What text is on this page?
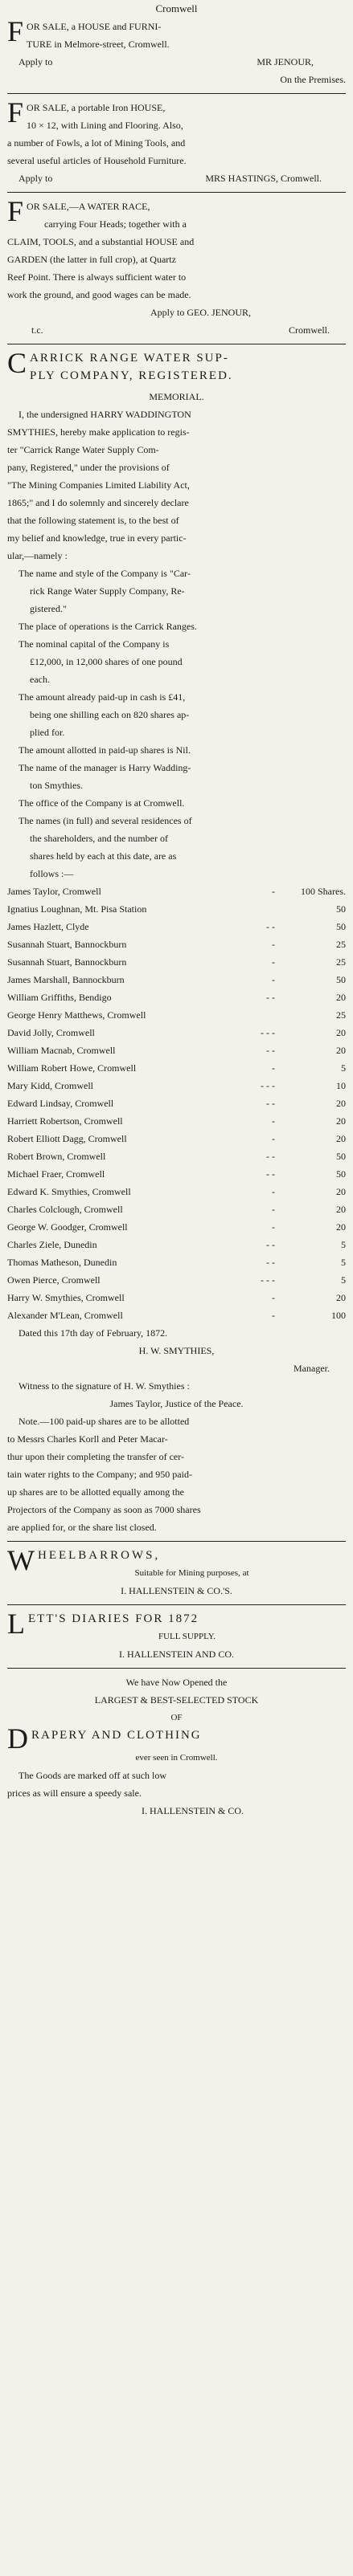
Cromwell
F OR SALE, a HOUSE and FURNI-
TURE in Melmore-street, Cromwell.
Apply to	MR JENOUR,
On the Premises.
F OR SALE, a portable Iron HOUSE,
10 × 12, with Lining and Flooring. Also,
a number of Fowls, a lot of Mining Tools, and
several useful articles of Household Furniture.
Apply to	MRS HASTINGS, Cromwell.
F OR SALE,—A WATER RACE,
carrying Four Heads; together with a
CLAIM, TOOLS, and a substantial HOUSE and
GARDEN (the latter in full crop), at Quartz
Reef Point. There is always sufficient water to
work the ground, and good wages can be made.
Apply to GEO. JENOUR,
t.c.	Cromwell.
C ARRICK RANGE WATER SUP-
PLY COMPANY, REGISTERED.
MEMORIAL.
I, the undersigned HARRY WADDINGTON
SMYTHIES, hereby make application to regis-
ter "Carrick Range Water Supply Com-
pany, Registered," under the provisions of
"The Mining Companies Limited Liability Act,
1865;" and I do solemnly and sincerely declare
that the following statement is, to the best of
my belief and knowledge, true in every partic-
ular,—namely :
The name and style of the Company is "Car-
rick Range Water Supply Company, Re-
gistered."
The place of operations is the Carrick Ranges.
The nominal capital of the Company is
£12,000, in 12,000 shares of one pound
each.
The amount already paid-up in cash is £41,
being one shilling each on 820 shares ap-
plied for.
The amount allotted in paid-up shares is Nil.
The name of the manager is Harry Wadding-
ton Smythies.
The office of the Company is at Cromwell.
The names (in full) and several residences of
the shareholders, and the number of
shares held by each at this date, are as
follows :—
James Taylor, Cromwell	-	100 Shares.
Ignatius Loughnan, Mt. Pisa Station	50
James Hazlett, Clyde	- -	50
Susannah Stuart, Bannockburn	-	25
Susannah Stuart, Bannockburn	-	25
James Marshall, Bannockburn	-	50
William Griffiths, Bendigo	- -	20
George Henry Matthews, Cromwell	25
David Jolly, Cromwell	- - -	20
William Macnab, Cromwell	- -	20
William Robert Howe, Cromwell	-	5
Mary Kidd, Cromwell	- - -	10
Edward Lindsay, Cromwell	- -	20
Harriett Robertson, Cromwell	-	20
Robert Elliott Dagg, Cromwell	-	20
Robert Brown, Cromwell	- -	50
Michael Fraer, Cromwell	- -	50
Edward K. Smythies, Cromwell	-	20
Charles Colclough, Cromwell	-	20
George W. Goodger, Cromwell	-	20
Charles Ziele, Dunedin	- -	5
Thomas Matheson, Dunedin	- -	5
Owen Pierce, Cromwell	- - -	5
Harry W. Smythies, Cromwell	-	20
Alexander M'Lean, Cromwell	-	100
Dated this 17th day of February, 1872.
H. W. SMYTHIES,
Manager.
Witness to the signature of H. W. Smythies :
James Taylor, Justice of the Peace.
Note.—100 paid-up shares are to be allotted
to Messrs Charles Korll and Peter Macar-
thur upon their completing the transfer of cer-
tain water rights to the Company; and 950 paid-
up shares are to be allotted equally among the
Projectors of the Company as soon as 7000 shares
are applied for, or the share list closed.
W HEELBARROWS,
Suitable for Mining purposes, at
I. HALLENSTEIN & CO.'S.
L ETT'S DIARIES FOR 1872
FULL SUPPLY.
I. HALLENSTEIN AND CO.
We have Now Opened the
LARGEST & BEST-SELECTED STOCK
OF
D RAPERY AND CLOTHING
ever seen in Cromwell.
The Goods are marked off at such low
prices as will ensure a speedy sale.
I. HALLENSTEIN & CO.
